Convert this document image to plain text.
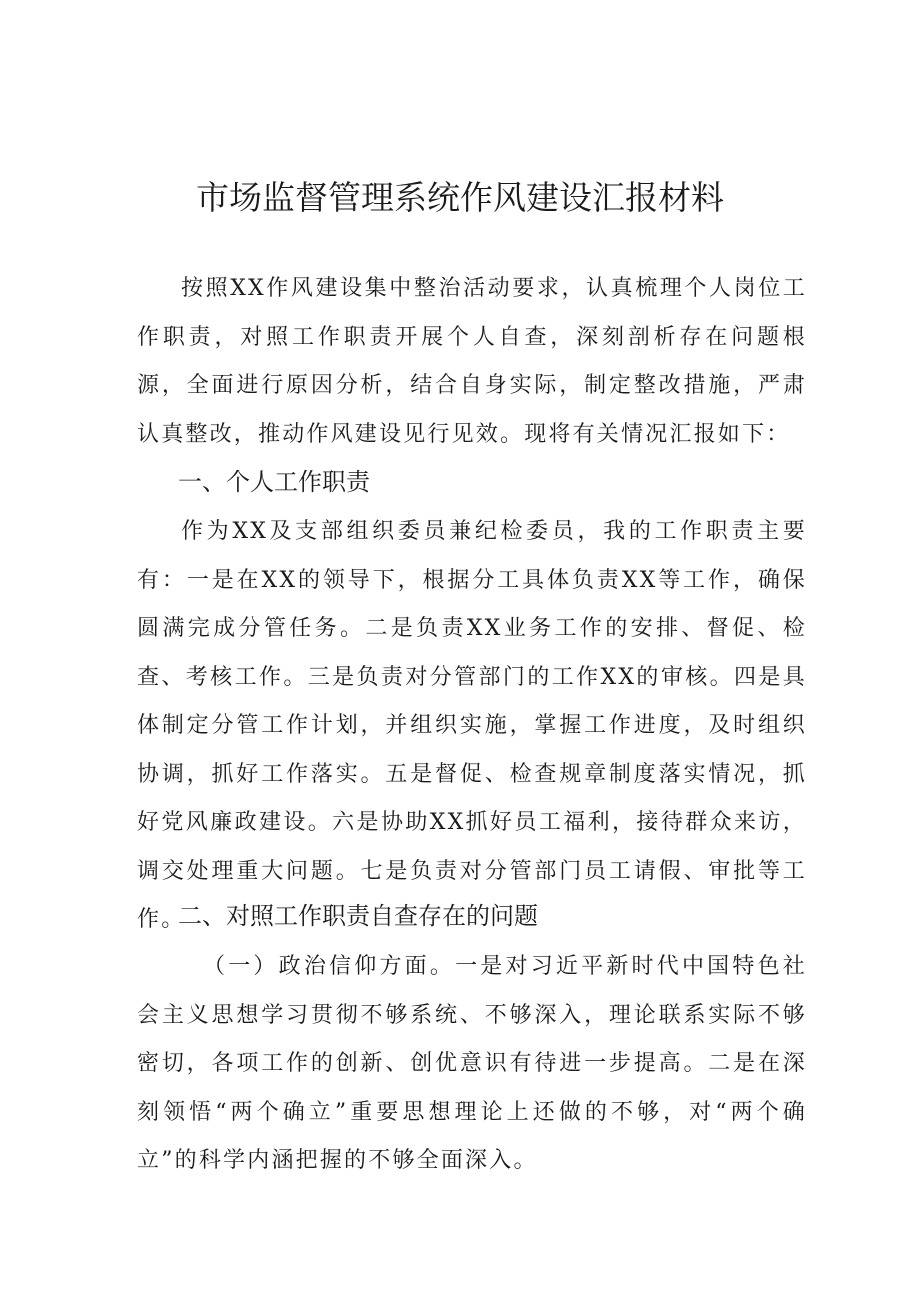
市场监督管理系统作风建设汇报材料

按照XX作风建设集中整治活动要求，认真梳理个人岗位工作职责，对照工作职责开展个人自查，深刻剖析存在问题根源，全面进行原因分析，结合自身实际，制定整改措施，严肃认真整改，推动作风建设见行见效。现将有关情况汇报如下：

一、个人工作职责

作为XX及支部组织委员兼纪检委员，我的工作职责主要有：一是在XX的领导下，根据分工具体负责XX等工作，确保圆满完成分管任务。二是负责XX业务工作的安排、督促、检查、考核工作。三是负责对分管部门的工作XX的审核。四是具体制定分管工作计划，并组织实施，掌握工作进度，及时组织协调，抓好工作落实。五是督促、检查规章制度落实情况，抓好党风廉政建设。六是协助XX抓好员工福利，接待群众来访，调交处理重大问题。七是负责对分管部门员工请假、审批等工作。

二、对照工作职责自查存在的问题

（一）政治信仰方面。一是对习近平新时代中国特色社会主义思想学习贯彻不够系统、不够深入，理论联系实际不够密切，各项工作的创新、创优意识有待进一步提高。二是在深刻领悟“两个确立”重要思想理论上还做的不够，对“两个确立”的科学内涵把握的不够全面深入。
